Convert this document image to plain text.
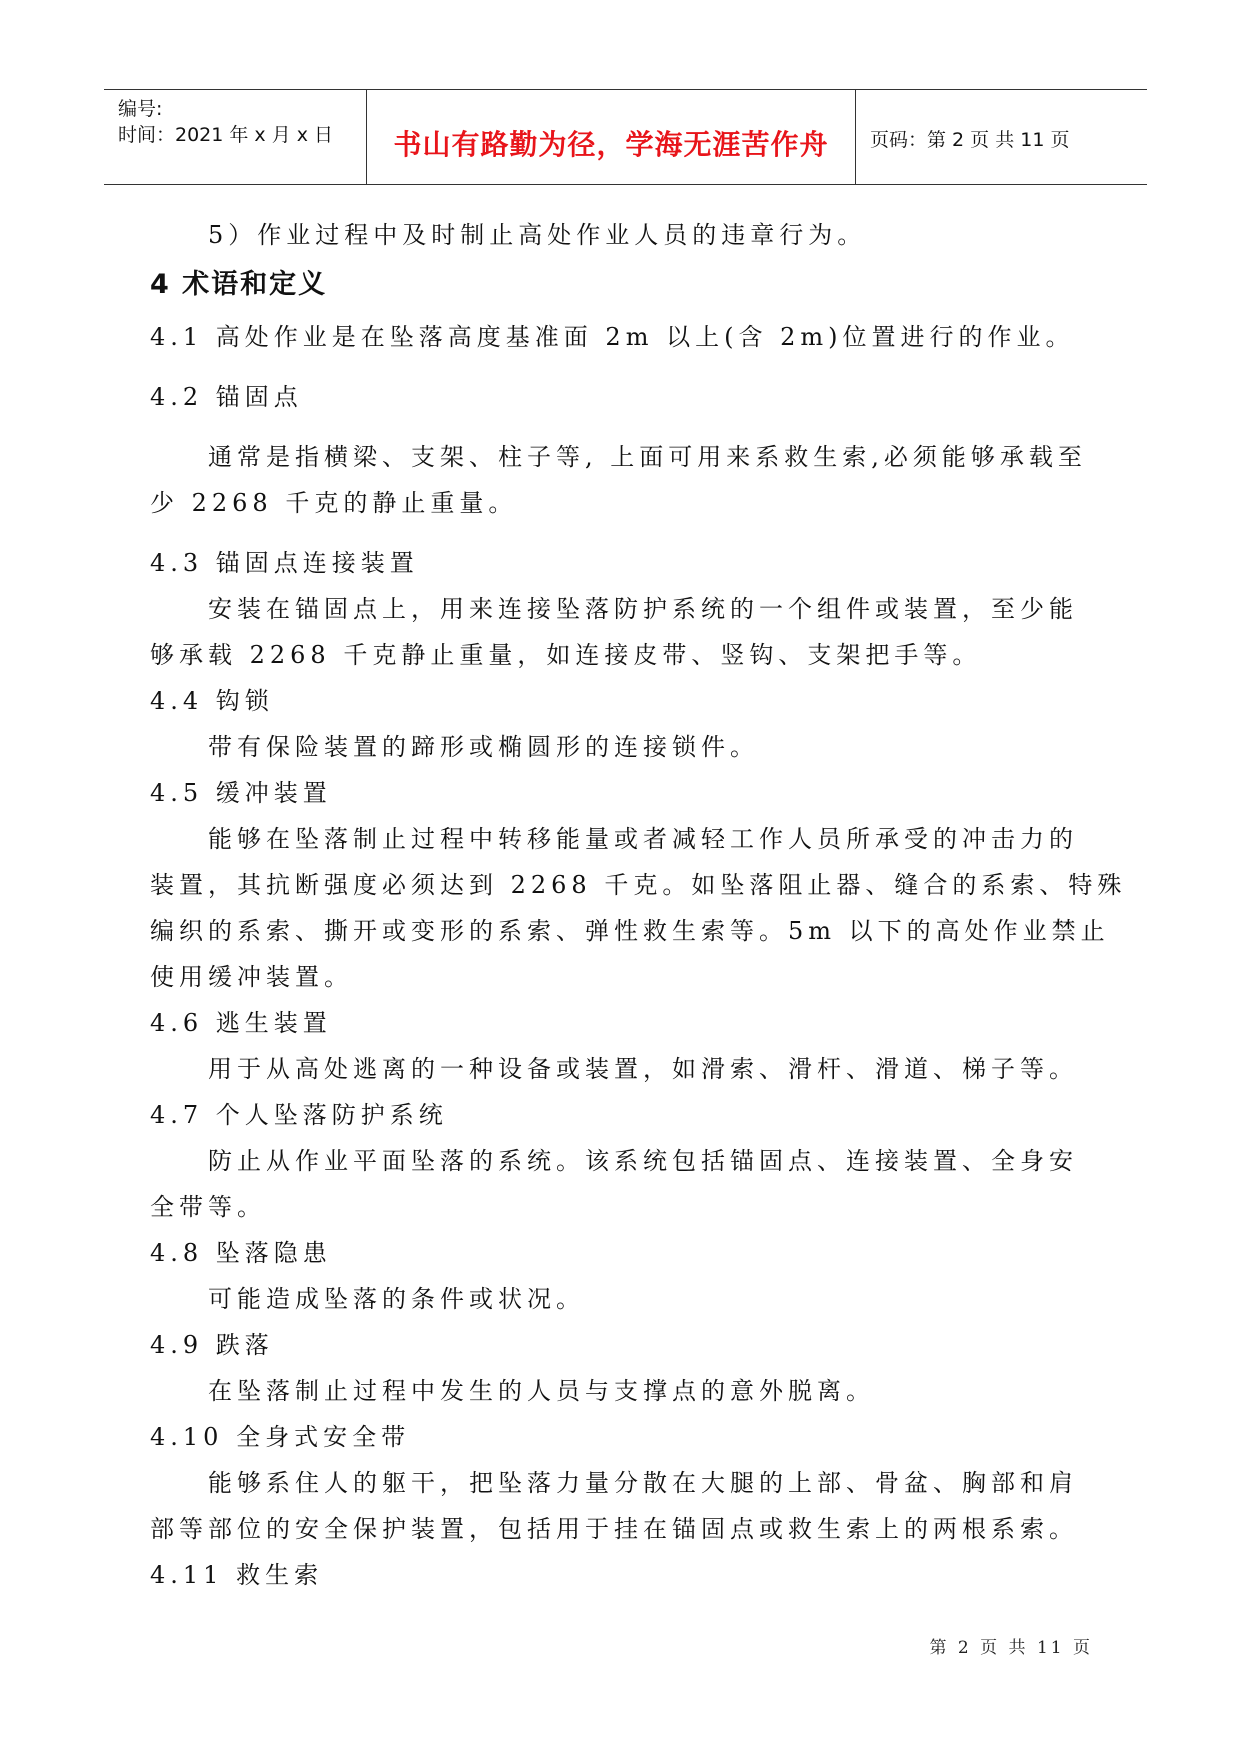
编号:
时间：2021 年 x 月 x 日	书山有路勤为径，学海无涯苦作舟	页码：第 2 页 共 11 页
5）作业过程中及时制止高处作业人员的违章行为。
4 术语和定义
4.1 高处作业是在坠落高度基准面 2m 以上(含 2m)位置进行的作业。
4.2 锚固点
通常是指横梁、支架、柱子等, 上面可用来系救生索,必须能够承载至
少 2268 千克的静止重量。
4.3 锚固点连接装置
安装在锚固点上，用来连接坠落防护系统的一个组件或装置，至少能
够承载 2268 千克静止重量，如连接皮带、竖钩、支架把手等。
4.4 钩锁
带有保险装置的蹄形或椭圆形的连接锁件。
4.5 缓冲装置
能够在坠落制止过程中转移能量或者减轻工作人员所承受的冲击力的
装置，其抗断强度必须达到 2268 千克。如坠落阻止器、缝合的系索、特殊
编织的系索、撕开或变形的系索、弹性救生索等。5m 以下的高处作业禁止
使用缓冲装置。
4.6 逃生装置
用于从高处逃离的一种设备或装置，如滑索、滑杆、滑道、梯子等。
4.7 个人坠落防护系统
防止从作业平面坠落的系统。该系统包括锚固点、连接装置、全身安
全带等。
4.8 坠落隐患
可能造成坠落的条件或状况。
4.9 跌落
在坠落制止过程中发生的人员与支撑点的意外脱离。
4.10 全身式安全带
能够系住人的躯干，把坠落力量分散在大腿的上部、骨盆、胸部和肩
部等部位的安全保护装置，包括用于挂在锚固点或救生索上的两根系索。
4.11 救生索
第 2 页 共 11 页
